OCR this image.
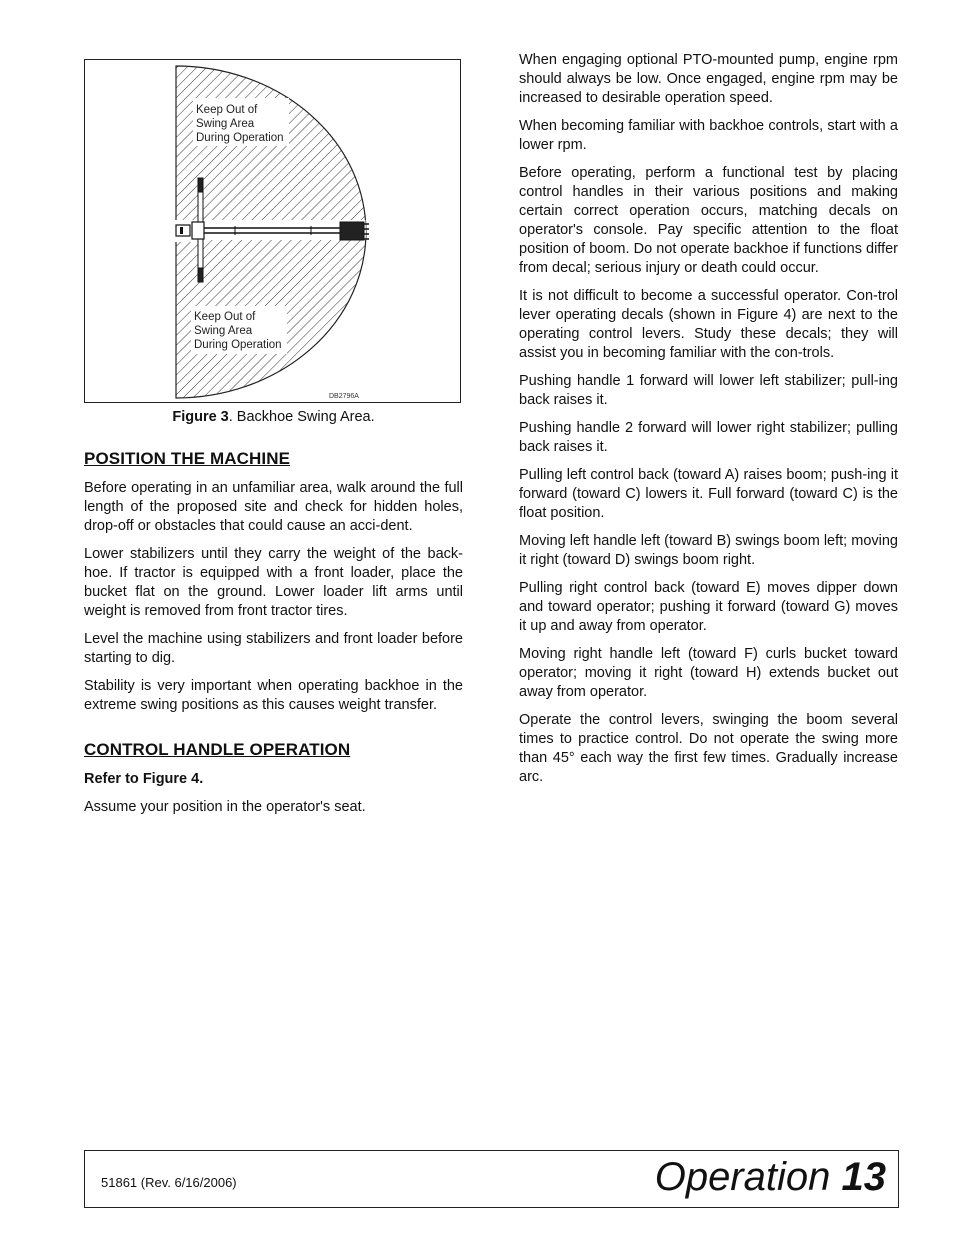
Keep Out of Swing Area During Operation
Keep Out of Swing Area During Operation
DB2796A
Figure 3. Backhoe Swing Area.
POSITION THE MACHINE

Before operating in an unfamiliar area, walk around the full length of the proposed site and check for hidden holes, drop-off or obstacles that could cause an acci-dent.

Lower stabilizers until they carry the weight of the back-hoe. If tractor is equipped with a front loader, place the bucket flat on the ground. Lower loader lift arms until weight is removed from front tractor tires.

Level the machine using stabilizers and front loader before starting to dig.

Stability is very important when operating backhoe in the extreme swing positions as this causes weight transfer.

CONTROL HANDLE OPERATION

Refer to Figure 4.

Assume your position in the operator's seat.

When engaging optional PTO-mounted pump, engine rpm should always be low. Once engaged, engine rpm may be increased to desirable operation speed.

When becoming familiar with backhoe controls, start with a lower rpm.

Before operating, perform a functional test by placing control handles in their various positions and making certain correct operation occurs, matching decals on operator's console. Pay specific attention to the float position of boom. Do not operate backhoe if functions differ from decal; serious injury or death could occur.

It is not difficult to become a successful operator. Con-trol lever operating decals (shown in Figure 4) are next to the operating control levers. Study these decals; they will assist you in becoming familiar with the con-trols.

Pushing handle 1 forward will lower left stabilizer; pull-ing back raises it.

Pushing handle 2 forward will lower right stabilizer; pulling back raises it.

Pulling left control back (toward A) raises boom; push-ing it forward (toward C) lowers it. Full forward (toward C) is the float position.

Moving left handle left (toward B) swings boom left; moving it right (toward D) swings boom right.

Pulling right control back (toward E) moves dipper down and toward operator; pushing it forward (toward G) moves it up and away from operator.

Moving right handle left (toward F) curls bucket toward operator; moving it right (toward H) extends bucket out away from operator.

Operate the control levers, swinging the boom several times to practice control. Do not operate the swing more than 45° each way the first few times. Gradually increase arc.

51861 (Rev. 6/16/2006)	Operation 13
